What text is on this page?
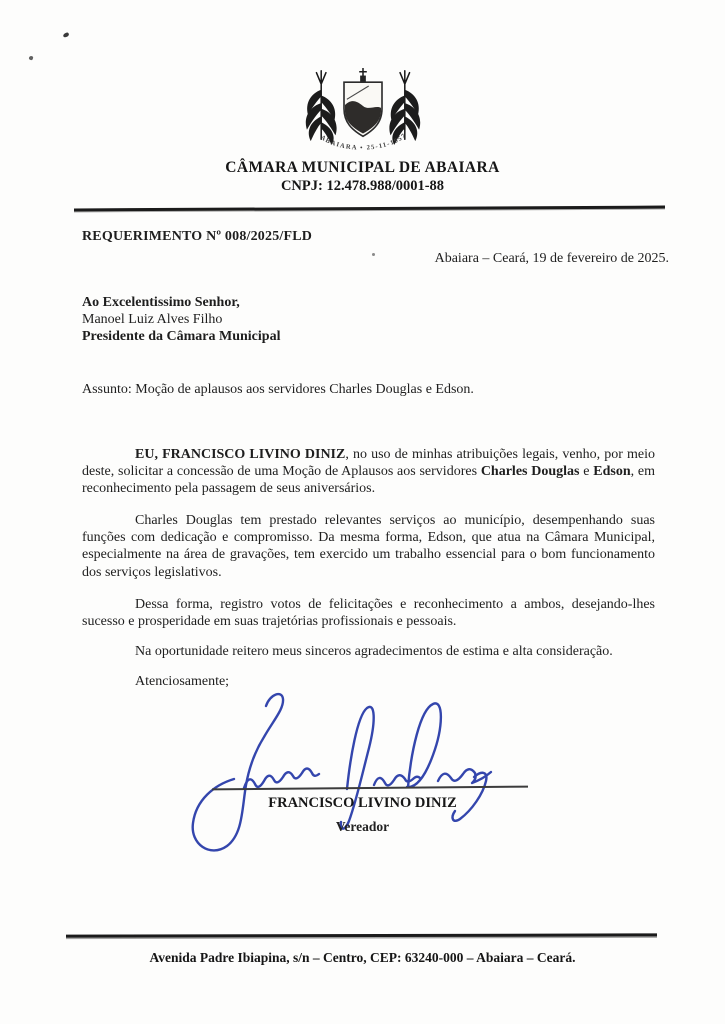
ABAIARA • 25-11-1957
CÂMARA MUNICIPAL DE ABAIARA
CNPJ: 12.478.988/0001-88
REQUERIMENTO Nº 008/2025/FLD
Abaiara – Ceará, 19 de fevereiro de 2025.
Ao Excelentissimo Senhor,
Manoel Luiz Alves Filho
Presidente da Câmara Municipal
Assunto: Moção de aplausos aos servidores Charles Douglas e Edson.

EU, FRANCISCO LIVINO DINIZ, no uso de minhas atribuições legais, venho, por meio deste, solicitar a concessão de uma Moção de Aplausos aos servidores Charles Douglas e Edson, em reconhecimento pela passagem de seus aniversários.

Charles Douglas tem prestado relevantes serviços ao município, desempenhando suas funções com dedicação e compromisso. Da mesma forma, Edson, que atua na Câmara Municipal, especialmente na área de gravações, tem exercido um trabalho essencial para o bom funcionamento dos serviços legislativos.

Dessa forma, registro votos de felicitações e reconhecimento a ambos, desejando-lhes sucesso e prosperidade em suas trajetórias profissionais e pessoais.

Na oportunidade reitero meus sinceros agradecimentos de estima e alta consideração.

Atenciosamente;
FRANCISCO LIVINO DINIZ
Vereador
Avenida Padre Ibiapina, s/n – Centro, CEP: 63240-000 – Abaiara – Ceará.
